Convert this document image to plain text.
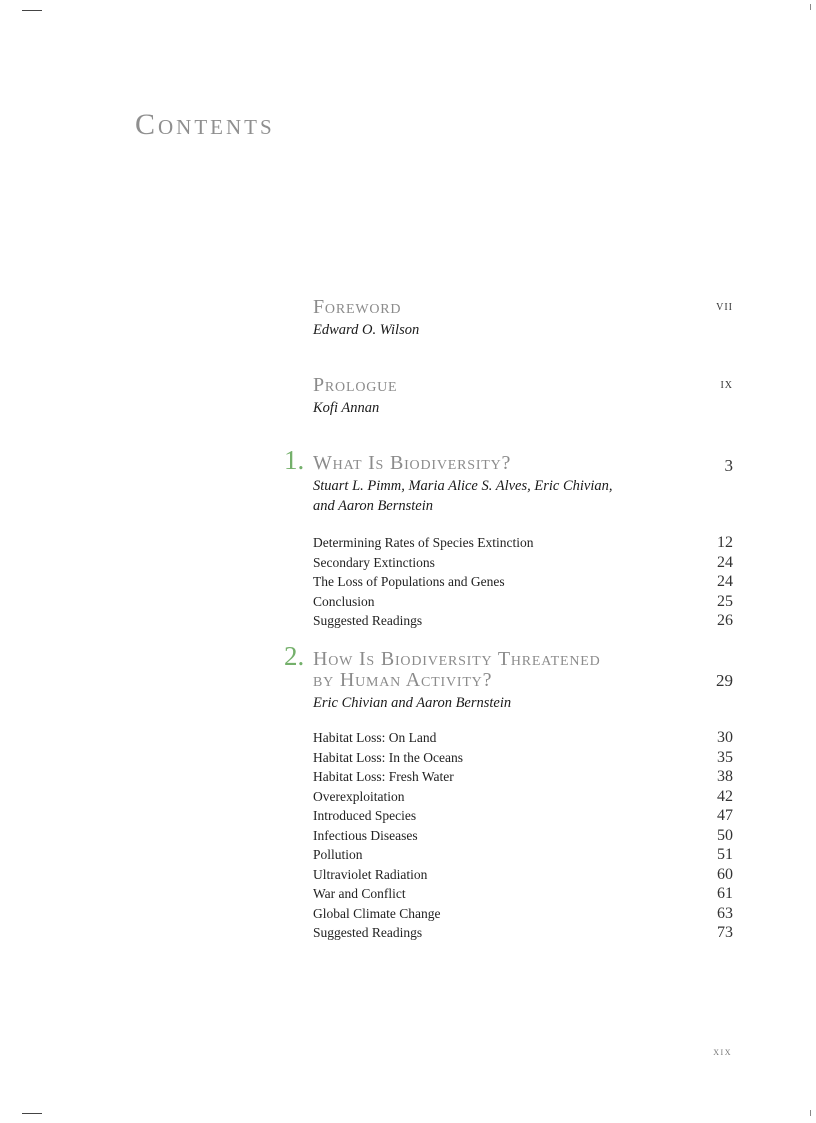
Contents
Foreword	vii
Edward O. Wilson
Prologue	ix
Kofi Annan
1. What Is Biodiversity?	3
Stuart L. Pimm, Maria Alice S. Alves, Eric Chivian,
and Aaron Bernstein
Determining Rates of Species Extinction	12
Secondary Extinctions	24
The Loss of Populations and Genes	24
Conclusion	25
Suggested Readings	26
2. How Is Biodiversity Threatened
by Human Activity?	29
Eric Chivian and Aaron Bernstein
Habitat Loss: On Land	30
Habitat Loss: In the Oceans	35
Habitat Loss: Fresh Water	38
Overexploitation	42
Introduced Species	47
Infectious Diseases	50
Pollution	51
Ultraviolet Radiation	60
War and Conflict	61
Global Climate Change	63
Suggested Readings	73
xix
